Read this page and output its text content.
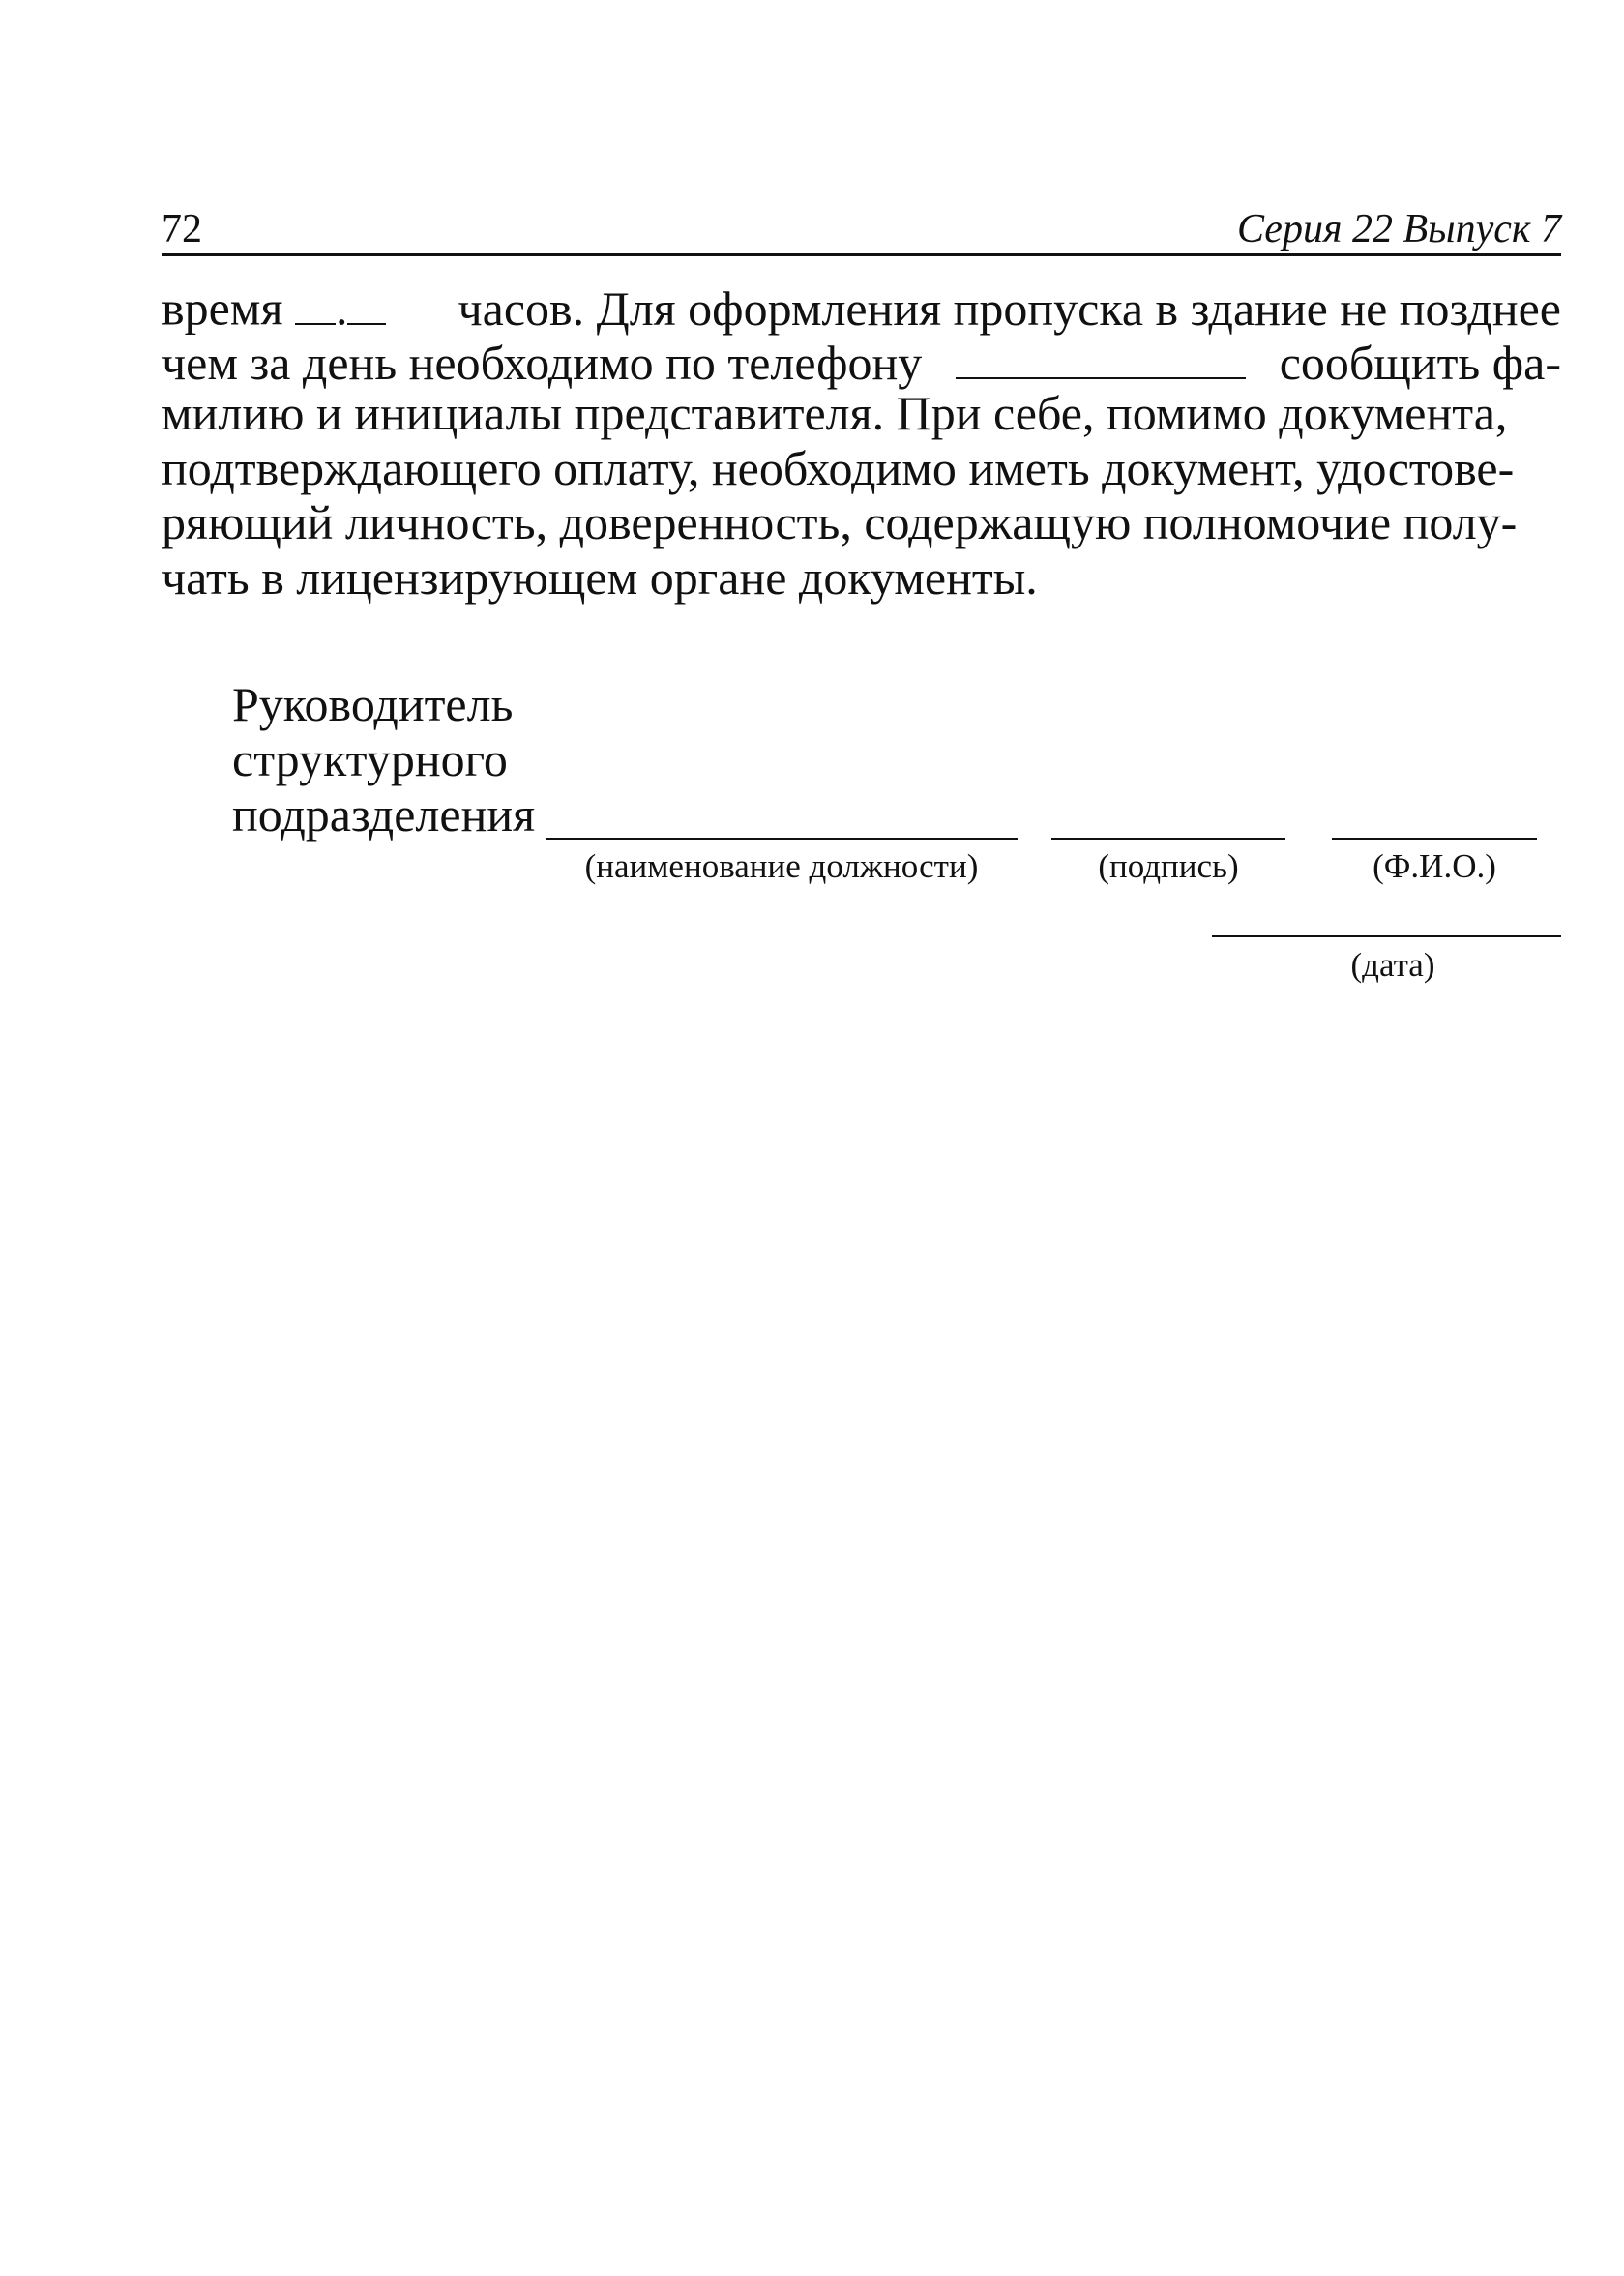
72	Серия 22 Выпуск 7
время .	часов. Для оформления пропуска в здание не позднее
чем за день необходимо по телефону	сообщить фа-
милию и инициалы представителя. При себе, помимо документа,
подтверждающего оплату, необходимо иметь документ, удостове-
ряющий личность, доверенность, содержащую полномочие полу-
чать в лицензирующем органе документы.
Руководитель
структурного
подразделения
(наименование должности)	(подпись)	(Ф.И.О.)
(дата)
